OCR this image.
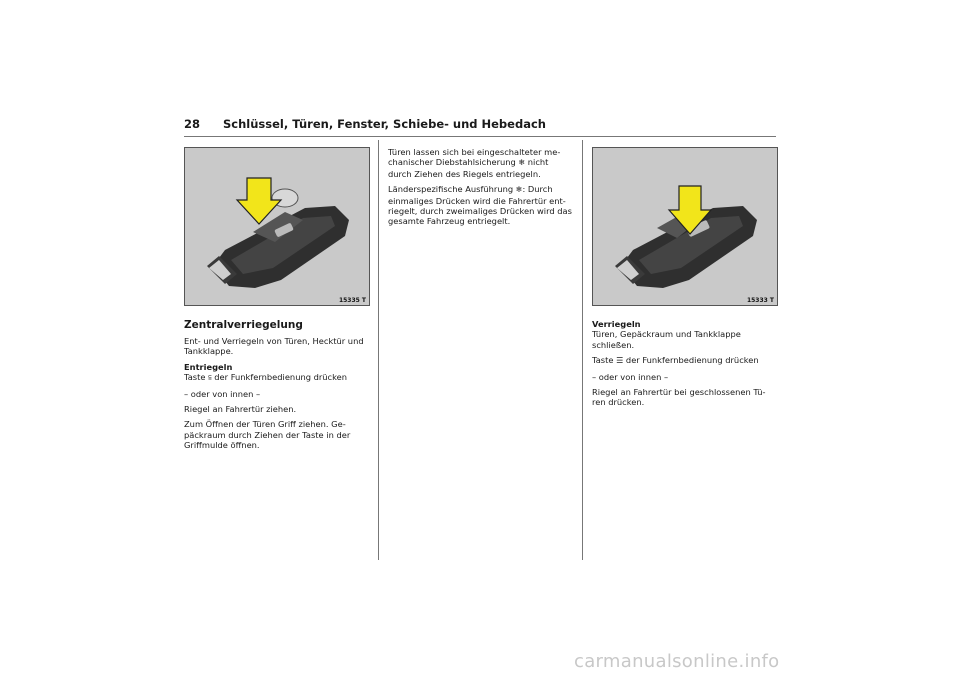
28 Schlüssel, Türen, Fenster, Schiebe- und Hebedach
15335 T

Zentralverriegelung

Ent- und Verriegeln von Türen, Hecktür und Tankklappe.

Entriegeln

Taste ⫅ der Funkfernbedienung drücken

– oder von innen –

Riegel an Fahrertür ziehen.

Zum Öffnen der Türen Griff ziehen. Ge-päckraum durch Ziehen der Taste in der Griffmulde öffnen.

Türen lassen sich bei eingeschalteter me-chanischer Diebstahlsicherung ❄ nicht durch Ziehen des Riegels entriegeln.

Länderspezifische Ausführung ❄: Durch einmaliges Drücken wird die Fahrertür ent-riegelt, durch zweimaliges Drücken wird das gesamte Fahrzeug entriegelt.

15333 T
Verriegeln

Türen, Gepäckraum und Tankklappe schließen.

Taste ☰ der Funkfernbedienung drücken

– oder von innen –

Riegel an Fahrertür bei geschlossenen Tü-ren drücken.

carmanualsonline.info
